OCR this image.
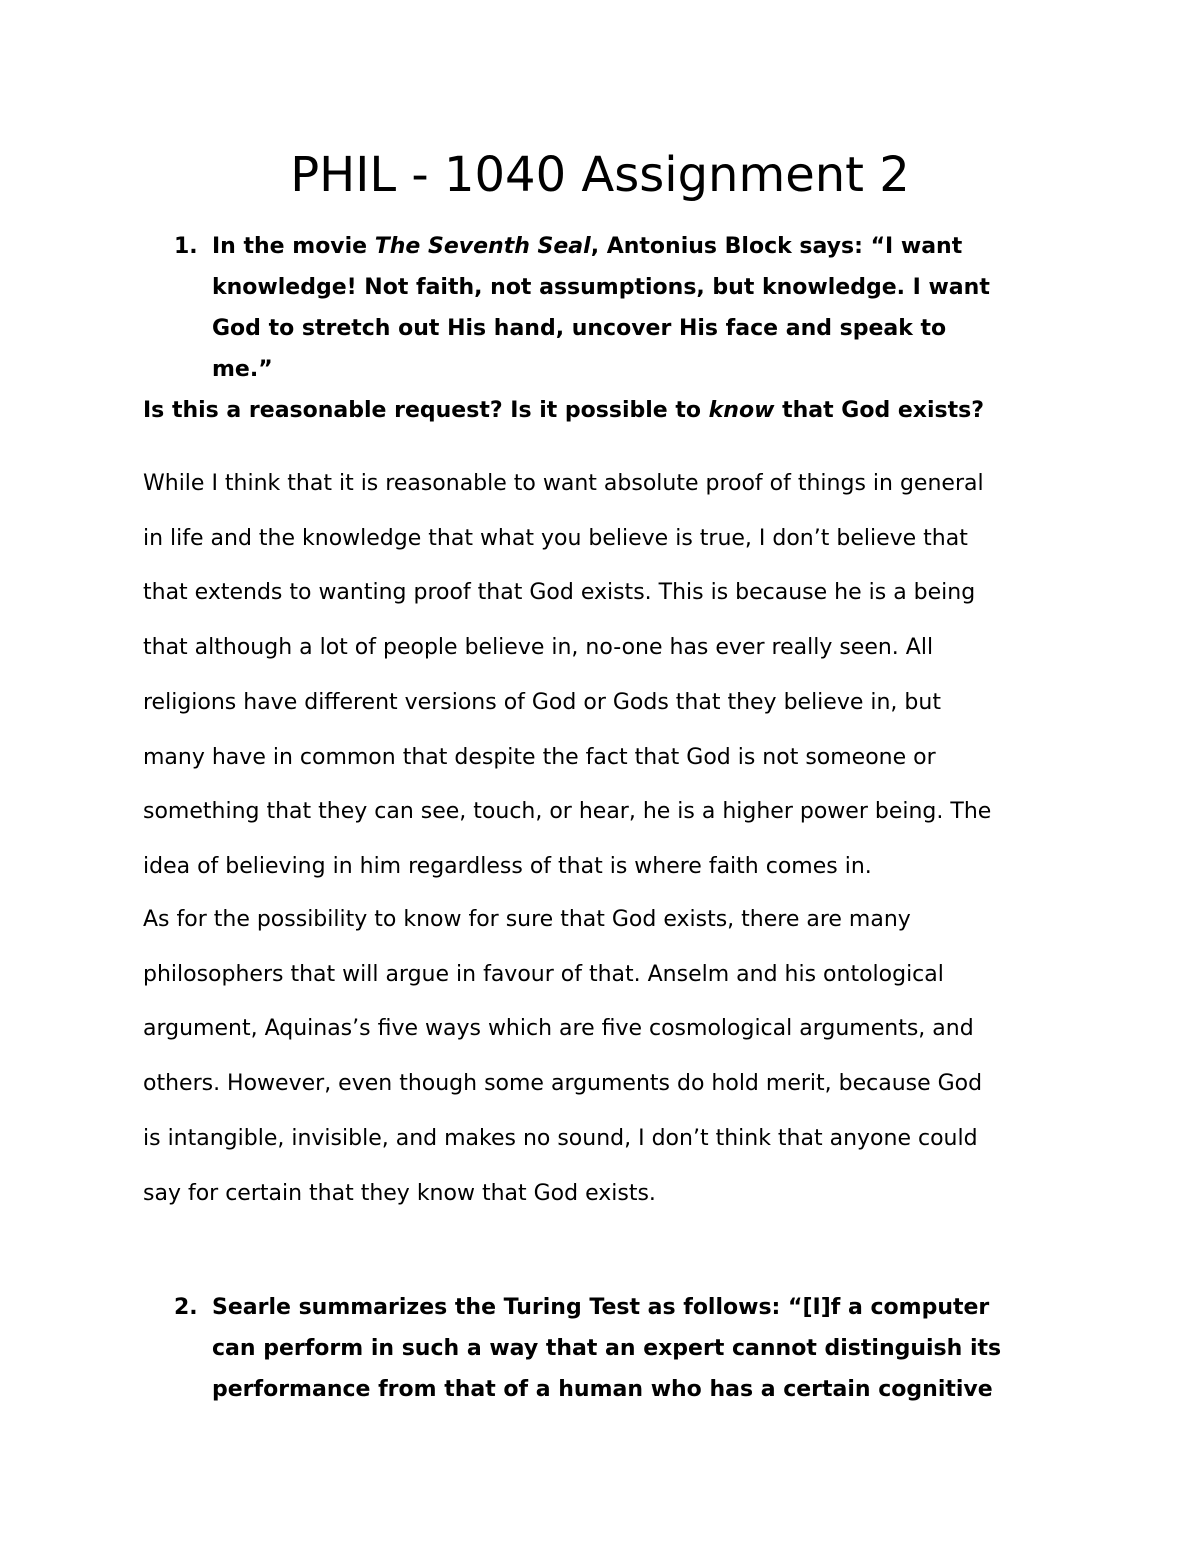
PHIL - 1040 Assignment 2
1. In the movie The Seventh Seal, Antonius Block says: “I want
knowledge! Not faith, not assumptions, but knowledge. I want
God to stretch out His hand, uncover His face and speak to
me.”
Is this a reasonable request? Is it possible to know that God exists?
While I think that it is reasonable to want absolute proof of things in general
in life and the knowledge that what you believe is true, I don’t believe that
that extends to wanting proof that God exists. This is because he is a being
that although a lot of people believe in, no-one has ever really seen. All
religions have different versions of God or Gods that they believe in, but
many have in common that despite the fact that God is not someone or
something that they can see, touch, or hear, he is a higher power being. The
idea of believing in him regardless of that is where faith comes in.
As for the possibility to know for sure that God exists, there are many
philosophers that will argue in favour of that. Anselm and his ontological
argument, Aquinas’s five ways which are five cosmological arguments, and
others. However, even though some arguments do hold merit, because God
is intangible, invisible, and makes no sound, I don’t think that anyone could
say for certain that they know that God exists.
2. Searle summarizes the Turing Test as follows: “[I]f a computer
can perform in such a way that an expert cannot distinguish its
performance from that of a human who has a certain cognitive
